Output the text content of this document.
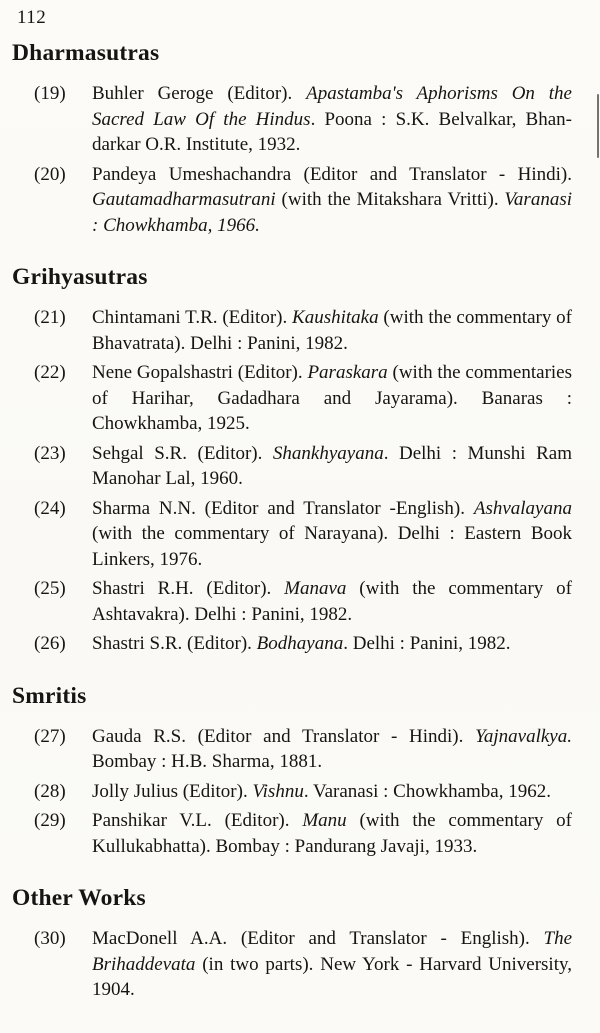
112
Dharmasutras
(19)	Buhler Geroge (Editor). Apastamba's Aphorisms On the Sacred Law Of the Hindus. Poona : S.K. Belvalkar, Bhandarkar O.R. Institute, 1932.
(20)	Pandeya Umeshachandra (Editor and Translator - Hindi). Gautamadharmasutrani (with the Mitakshara Vritti). Varanasi : Chowkhamba, 1966.
Grihyasutras
(21)	Chintamani T.R. (Editor). Kaushitaka (with the commentary of Bhavatrata). Delhi : Panini, 1982.
(22)	Nene Gopalshastri (Editor). Paraskara (with the commentaries of Harihar, Gadadhara and Jayarama). Banaras : Chowkhamba, 1925.
(23)	Sehgal S.R. (Editor). Shankhyayana. Delhi : Munshi Ram Manohar Lal, 1960.
(24)	Sharma N.N. (Editor and Translator -English). Ashvalayana (with the commentary of Narayana). Delhi : Eastern Book Linkers, 1976.
(25)	Shastri R.H. (Editor). Manava (with the commentary of Ashtavakra). Delhi : Panini, 1982.
(26)	Shastri S.R. (Editor). Bodhayana. Delhi : Panini, 1982.
Smritis
(27)	Gauda R.S. (Editor and Translator - Hindi). Yajnavalkya. Bombay : H.B. Sharma, 1881.
(28)	Jolly Julius (Editor). Vishnu. Varanasi : Chowkhamba, 1962.
(29)	Panshikar V.L. (Editor). Manu (with the commentary of Kullukabhatta). Bombay : Pandurang Javaji, 1933.
Other Works
(30)	MacDonell A.A. (Editor and Translator - English). The Brihaddevata (in two parts). New York - Harvard University, 1904.
